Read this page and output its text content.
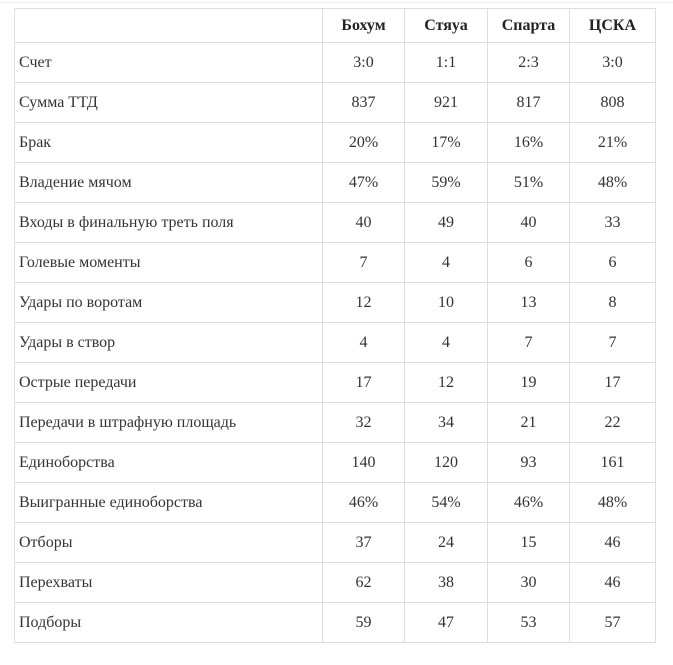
	Бохум	Стяуа	Спарта	ЦСКА
Счет	3:0	1:1	2:3	3:0
Сумма ТТД	837	921	817	808
Брак	20%	17%	16%	21%
Владение мячом	47%	59%	51%	48%
Входы в финальную треть поля	40	49	40	33
Голевые моменты	7	4	6	6
Удары по воротам	12	10	13	8
Удары в створ	4	4	7	7
Острые передачи	17	12	19	17
Передачи в штрафную площадь	32	34	21	22
Единоборства	140	120	93	161
Выигранные единоборства	46%	54%	46%	48%
Отборы	37	24	15	46
Перехваты	62	38	30	46
Подборы	59	47	53	57
